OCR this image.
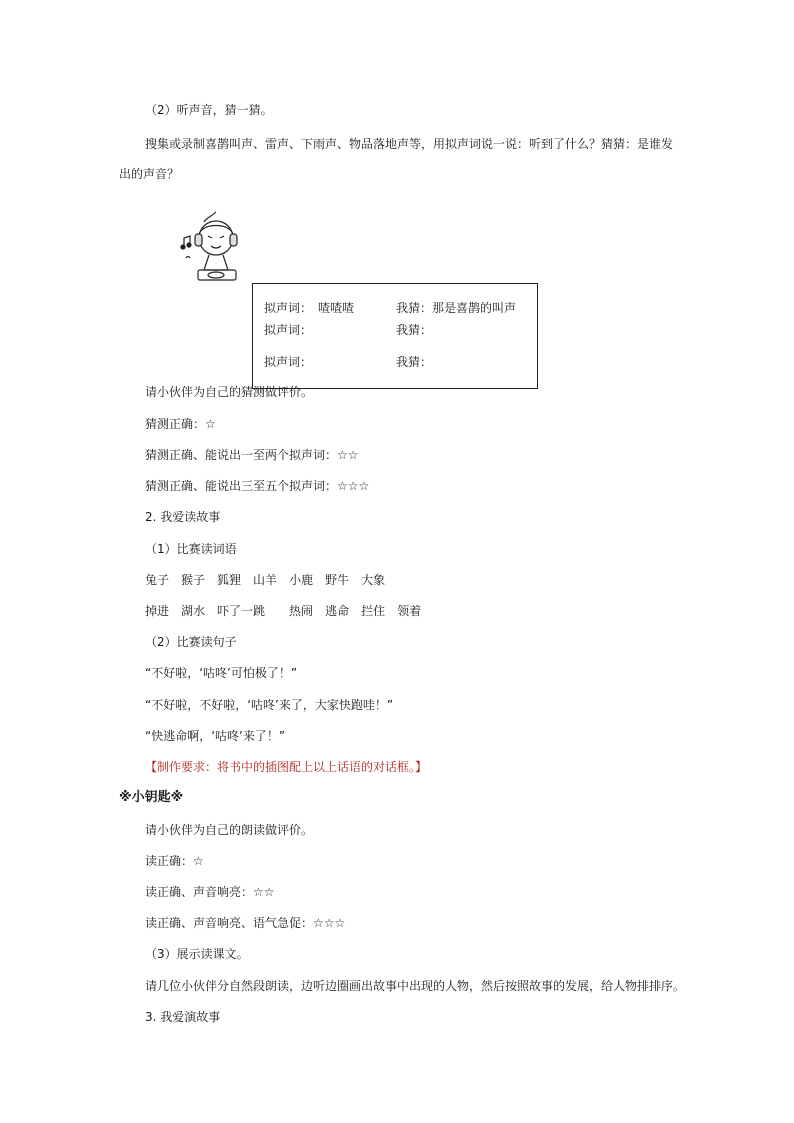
（2）听声音，猜一猜。
搜集或录制喜鹊叫声、雷声、下雨声、物品落地声等，用拟声词说一说：听到了什么？猜猜：是谁发
出的声音？
拟声词： 喳喳喳	我猜： 那是喜鹊的叫声
拟声词：	我猜：
拟声词：	我猜：
请小伙伴为自己的猜测做评价。
猜测正确：☆
猜测正确、能说出一至两个拟声词：☆☆
猜测正确、能说出三至五个拟声词：☆☆☆
2. 我爱读故事
（1）比赛读词语
兔子 猴子 狐狸 山羊 小鹿 野牛 大象
掉进 湖水 吓了一跳 热闹 逃命 拦住 领着
（2）比赛读句子
“不好啦，‘咕咚’可怕极了！”
“不好啦，不好啦，‘咕咚’来了，大家快跑哇！”
“快逃命啊，‘咕咚’来了！”
【制作要求：将书中的插图配上以上话语的对话框。】
※小钥匙※
请小伙伴为自己的朗读做评价。
读正确：☆
读正确、声音响亮：☆☆
读正确、声音响亮、语气急促：☆☆☆
（3）展示读课文。
请几位小伙伴分自然段朗读，边听边圈画出故事中出现的人物，然后按照故事的发展，给人物排排序。
3. 我爱演故事
